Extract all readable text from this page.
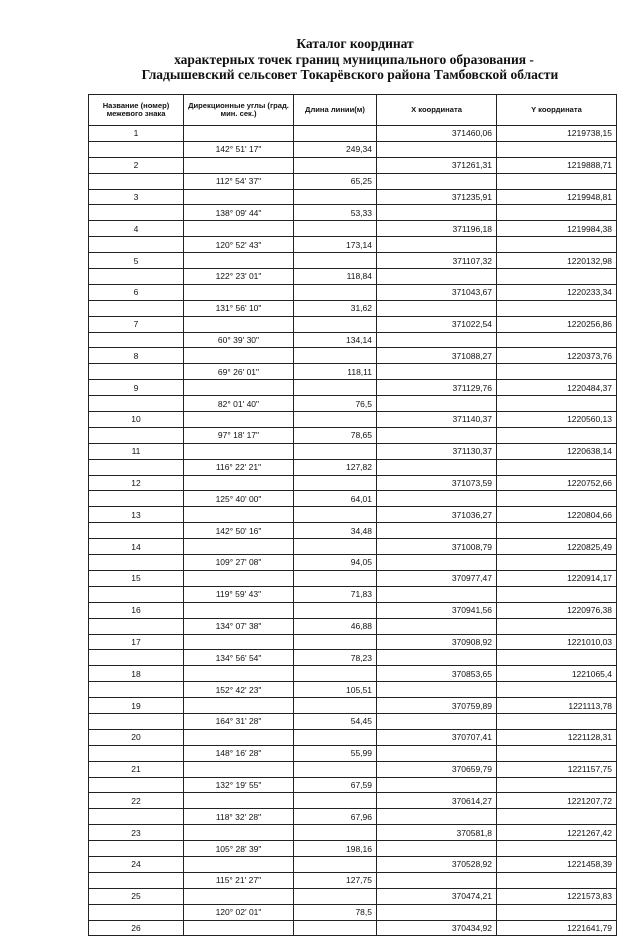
Каталог координат
характерных точек границ муниципального образования -
Гладышевский сельсовет Токарёвского района Тамбовской области
Название (номер) межевого знака	Дирекционные углы (град. мин. сек.)	Длина линии(м)	X координата	Y координата
1			371460,06	1219738,15
	142° 51' 17"	249,34		
2			371261,31	1219888,71
	112° 54' 37"	65,25		
3			371235,91	1219948,81
	138° 09' 44"	53,33		
4			371196,18	1219984,38
	120° 52' 43"	173,14		
5			371107,32	1220132,98
	122° 23' 01"	118,84		
6			371043,67	1220233,34
	131° 56' 10"	31,62		
7			371022,54	1220256,86
	60° 39' 30"	134,14		
8			371088,27	1220373,76
	69° 26' 01"	118,11		
9			371129,76	1220484,37
	82° 01' 40"	76,5		
10			371140,37	1220560,13
	97° 18' 17"	78,65		
11			371130,37	1220638,14
	116° 22' 21"	127,82		
12			371073,59	1220752,66
	125° 40' 00"	64,01		
13			371036,27	1220804,66
	142° 50' 16"	34,48		
14			371008,79	1220825,49
	109° 27' 08"	94,05		
15			370977,47	1220914,17
	119° 59' 43"	71,83		
16			370941,56	1220976,38
	134° 07' 38"	46,88		
17			370908,92	1221010,03
	134° 56' 54"	78,23		
18			370853,65	1221065,4
	152° 42' 23"	105,51		
19			370759,89	1221113,78
	164° 31' 28"	54,45		
20			370707,41	1221128,31
	148° 16' 28"	55,99		
21			370659,79	1221157,75
	132° 19' 55"	67,59		
22			370614,27	1221207,72
	118° 32' 28"	67,96		
23			370581,8	1221267,42
	105° 28' 39"	198,16		
24			370528,92	1221458,39
	115° 21' 27"	127,75		
25			370474,21	1221573,83
	120° 02' 01"	78,5		
26			370434,92	1221641,79
